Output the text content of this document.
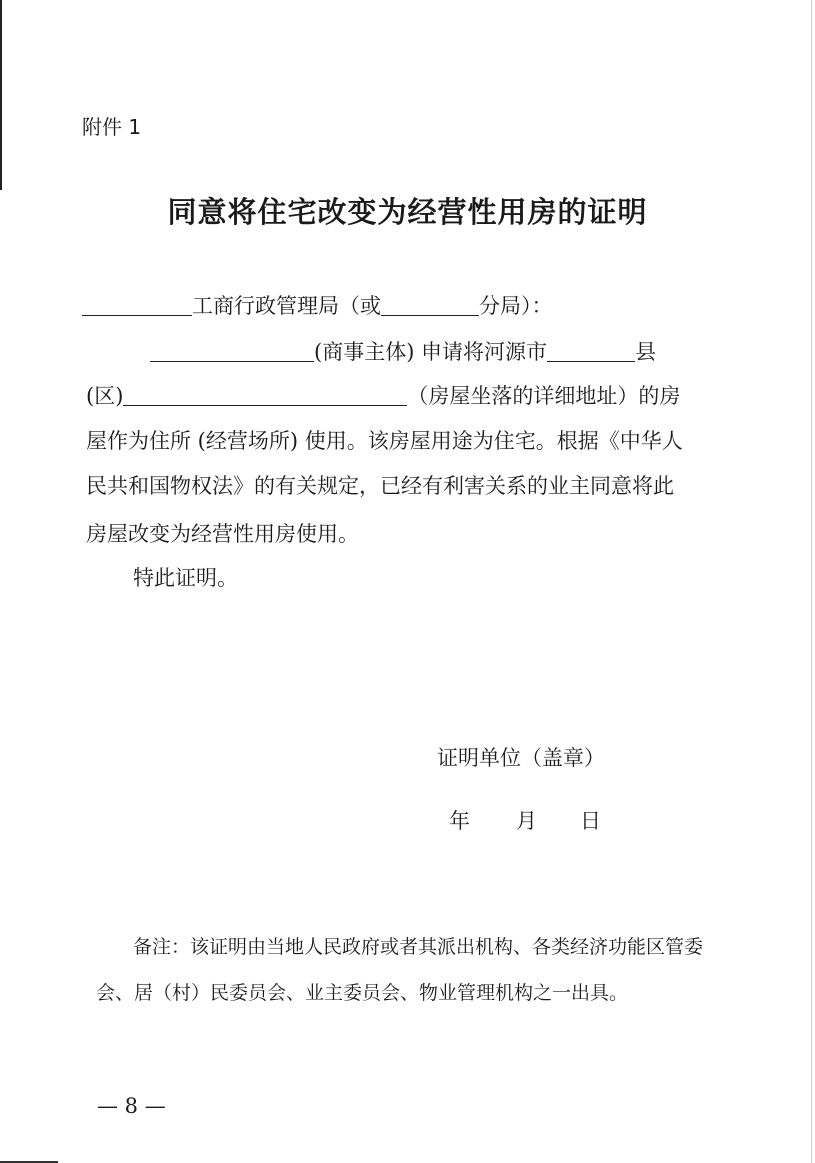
附件 1
同意将住宅改变为经营性用房的证明
工商行政管理局（或	分局）：
(商事主体) 申请将河源市	县
(区)	（房屋坐落的详细地址）的房
屋作为住所 (经营场所) 使用。该房屋用途为住宅。根据《中华人
民共和国物权法》的有关规定，已经有利害关系的业主同意将此
房屋改变为经营性用房使用。
特此证明。
证明单位（盖章）
年 月 日
备注：该证明由当地人民政府或者其派出机构、各类经济功能区管委
会、居（村）民委员会、业主委员会、物业管理机构之一出具。
— 8 —
